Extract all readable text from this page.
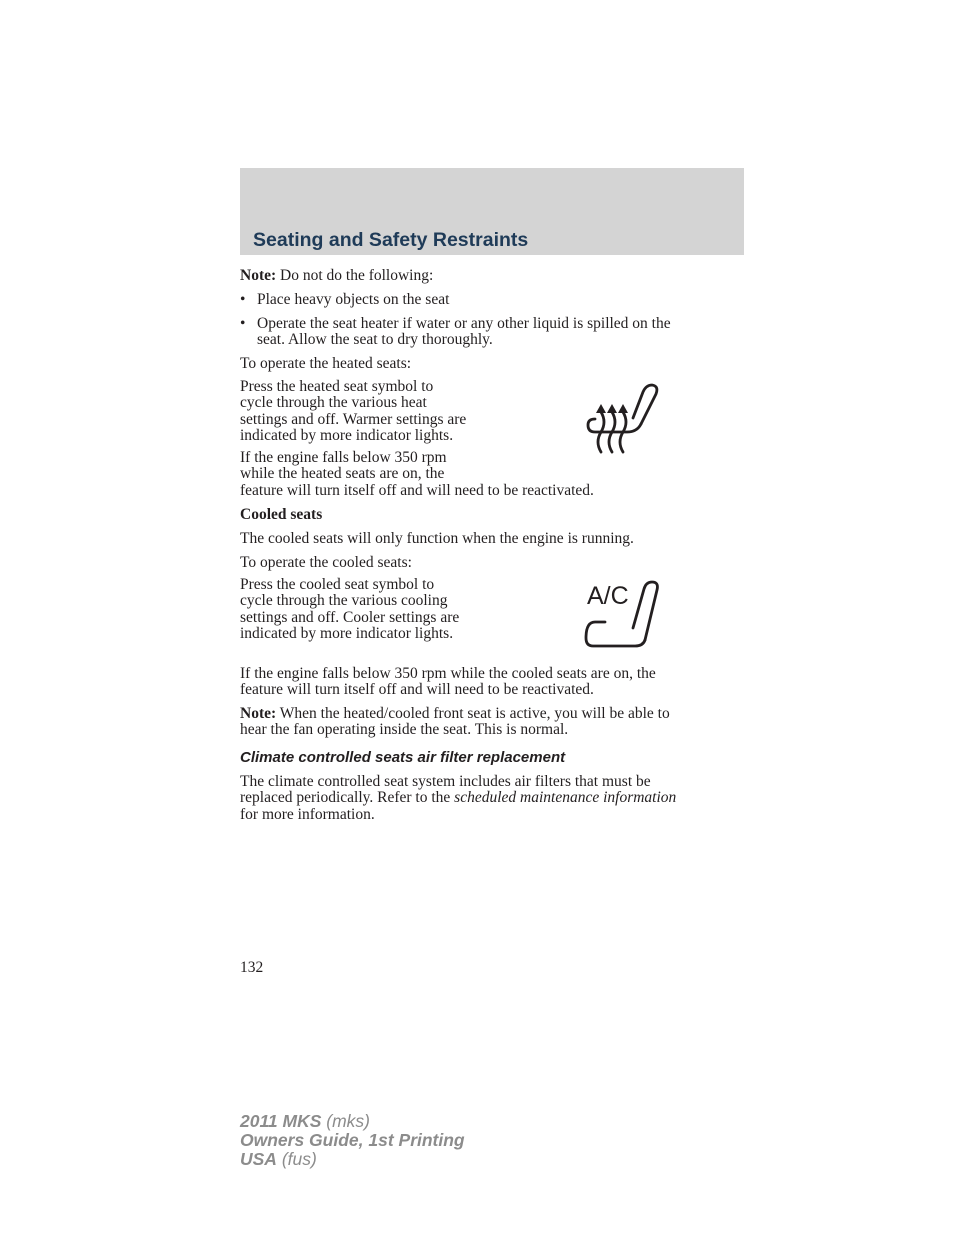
Seating and Safety Restraints
Note: Do not do the following:
• Place heavy objects on the seat
• Operate the seat heater if water or any other liquid is spilled on the
seat. Allow the seat to dry thoroughly.
To operate the heated seats:
Press the heated seat symbol to
cycle through the various heat
settings and off. Warmer settings are
indicated by more indicator lights.
If the engine falls below 350 rpm
while the heated seats are on, the
feature will turn itself off and will need to be reactivated.
Cooled seats
The cooled seats will only function when the engine is running.
To operate the cooled seats:
Press the cooled seat symbol to
cycle through the various cooling
settings and off. Cooler settings are
indicated by more indicator lights.
A/C
If the engine falls below 350 rpm while the cooled seats are on, the
feature will turn itself off and will need to be reactivated.
Note: When the heated/cooled front seat is active, you will be able to
hear the fan operating inside the seat. This is normal.
Climate controlled seats air filter replacement
The climate controlled seat system includes air filters that must be
replaced periodically. Refer to the scheduled maintenance information
for more information.
132
2011 MKS (mks)
Owners Guide, 1st Printing
USA (fus)
